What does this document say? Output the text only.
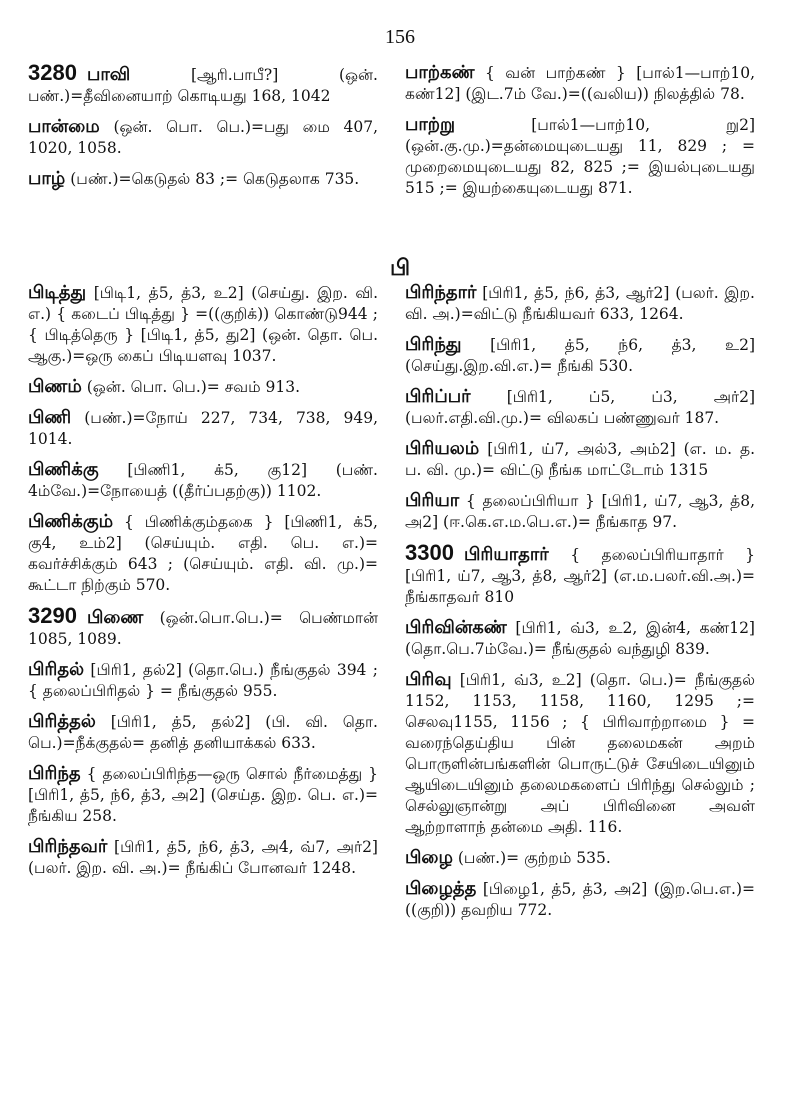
156

3280 பாவி	[ஆரி.பாபீ?] (ஒன். பண்.)=தீவினையாற் கொடியது 168, 1042

பான்மை (ஒன். பொ. பெ.)=பது மை 407, 1020, 1058.

பாழ் (பண்.)=கெடுதல் 83 ;= கெடுதலாக 735.

பாற்கண் { வன் பாற்கண் } [பால்1—பாற்10, கண்12] (இட.7ம் வே.)=((வலிய)) நிலத்தில் 78.

பாற்று	[பால்1—பாற்10, று2] (ஒன்.கு.மு.)=தன்மையுடையது 11, 829 ; = முறைமையுடையது 82, 825 ;= இயல்புடையது 515 ;= இயற்கையுடையது 871.

பி

பிடித்து [பிடி1, த்5, த்3, உ2] (செய்து. இற. வி. எ.) { கடைப் பிடித்து } =((குறிக்)) கொண்டு944 ; { பிடித்தெரு } [பிடி1, த்5, து2] (ஒன். தொ. பெ. ஆகு.)=ஒரு கைப் பிடியளவு 1037.

பிணம் (ஒன். பொ. பெ.)= சவம் 913.

பிணி (பண்.)=நோய் 227, 734, 738, 949, 1014.

பிணிக்கு [பிணி1, க்5, கு12] (பண். 4ம்வே.)=நோயைத் ((தீர்ப்பதற்கு)) 1102.

பிணிக்கும் { பிணிக்கும்தகை } [பிணி1, க்5, கு4, உம்2] (செய்யும். எதி. பெ. எ.)= கவர்ச்சிக்கும் 643 ; (செய்யும். எதி. வி. மு.)= கூட்டா நிற்கும் 570.

3290 பிணை (ஒன்.பொ.பெ.)= பெண்மான் 1085, 1089.

பிரிதல் [பிரி1, தல்2] (தொ.பெ.) நீங்குதல் 394 ; { தலைப்பிரிதல் } = நீங்குதல் 955.

பிரித்தல் [பிரி1, த்5, தல்2] (பி. வி. தொ. பெ.)=நீக்குதல்= தனித் தனியாக்கல் 633.

பிரிந்த { தலைப்பிரிந்த—ஒரு சொல் நீர்மைத்து } [பிரி1, த்5, ந்6, த்3, அ2] (செய்த. இற. பெ. எ.)= நீங்கிய 258.

பிரிந்தவர் [பிரி1, த்5, ந்6, த்3, அ4, வ்7, அர்2] (பலர். இற. வி. அ.)= நீங்கிப் போனவர் 1248.

பிரிந்தார் [பிரி1, த்5, ந்6, த்3, ஆர்2] (பலர். இற. வி. அ.)=விட்டு நீங்கியவர் 633, 1264.

பிரிந்து [பிரி1, த்5, ந்6, த்3, உ2] (செய்து.இற.வி.எ.)= நீங்கி 530.

பிரிப்பர் [பிரி1, ப்5, ப்3, அர்2] (பலர்.எதி.வி.மு.)= விலகப் பண்ணுவர் 187.

பிரியலம் [பிரி1, ய்7, அல்3, அம்2] (எ. ம. த. ப. வி. மு.)= விட்டு நீங்க மாட்டோம் 1315

பிரியா { தலைப்பிரியா } [பிரி1, ய்7, ஆ3, த்8, அ2] (ஈ.கெ.எ.ம.பெ.எ.)= நீங்காத 97.

3300 பிரியாதார் { தலைப்பிரியாதார் } [பிரி1, ய்7, ஆ3, த்8, ஆர்2] (எ.ம.பலர்.வி.அ.)= நீங்காதவர் 810

பிரிவின்கண் [பிரி1, வ்3, உ2, இன்4, கண்12] (தொ.பெ.7ம்வே.)= நீங்குதல் வந்துழி 839.

பிரிவு [பிரி1, வ்3, உ2] (தொ. பெ.)= நீங்குதல் 1152, 1153, 1158, 1160, 1295 ;= செலவு1155, 1156 ; { பிரிவாற்றாமை } = வரைந்தெய்திய பின் தலைமகன் அறம் பொருளின்பங்களின் பொருட்டுச் சேயிடையினும் ஆயிடையினும் தலைமகளைப் பிரிந்து செல்லும் ; செல்லுஞான்று அப் பிரிவினை அவள் ஆற்றாளாந் தன்மை அதி. 116.

பிழை (பண்.)= குற்றம் 535.

பிழைத்த [பிழை1, த்5, த்3, அ2] (இற.பெ.எ.)=((குறி)) தவறிய 772.
